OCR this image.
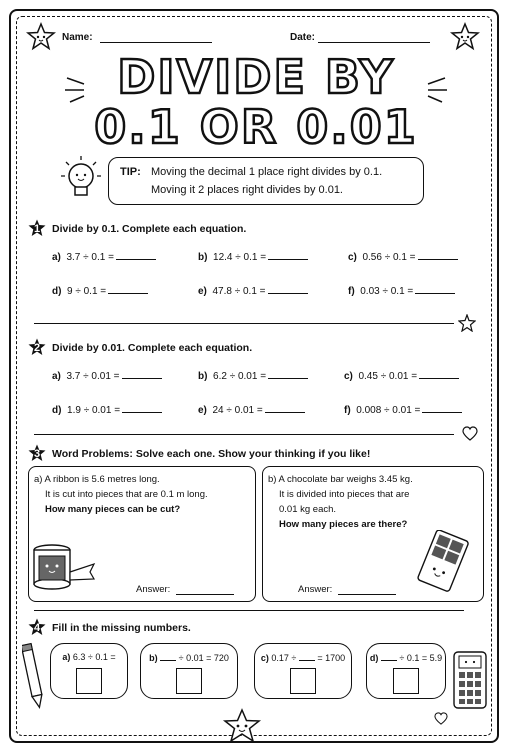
Name:	Date:
DIVIDE BY
0.1 OR 0.01
TIP: Moving the decimal 1 place right divides by 0.1.
Moving it 2 places right divides by 0.01.
1 Divide by 0.1. Complete each equation.
a) 3.7 ÷ 0.1 =	b) 12.4 ÷ 0.1 =	c) 0.56 ÷ 0.1 =
d) 9 ÷ 0.1 =	e) 47.8 ÷ 0.1 =	f) 0.03 ÷ 0.1 =
2 Divide by 0.01. Complete each equation.
a) 3.7 ÷ 0.01 =	b) 6.2 ÷ 0.01 =	c) 0.45 ÷ 0.01 =
d) 1.9 ÷ 0.01 =	e) 24 ÷ 0.01 =	f) 0.008 ÷ 0.01 =
3 Word Problems: Solve each one. Show your thinking if you like!
a) A ribbon is 5.6 metres long.
It is cut into pieces that are 0.1 m long.
How many pieces can be cut?
Answer:
b) A chocolate bar weighs 3.45 kg.
It is divided into pieces that are
0.01 kg each.
How many pieces are there?
Answer:
4 Fill in the missing numbers.
a) 6.3 ÷ 0.1 =	b) ÷ 0.01 = 720	c) 0.17 ÷ = 1700	d) ÷ 0.1 = 5.9
